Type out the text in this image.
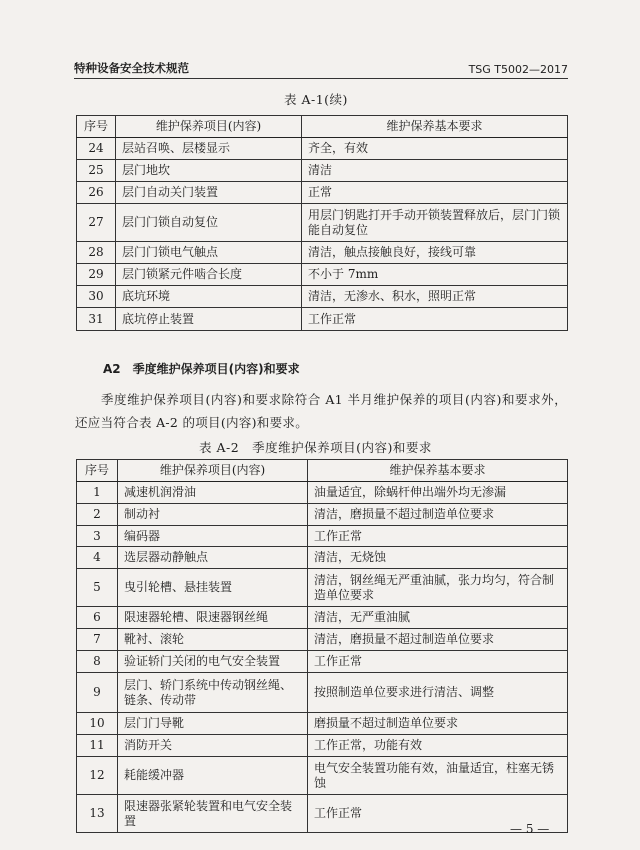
特种设备安全技术规范	TSG T5002—2017
表 A-1(续)
序号	维护保养项目(内容)	维护保养基本要求
24	层站召唤、层楼显示	齐全，有效
25	层门地坎	清洁
26	层门自动关门装置	正常
27	层门门锁自动复位	用层门钥匙打开手动开锁装置释放后，层门门锁能自动复位
28	层门门锁电气触点	清洁，触点接触良好，接线可靠
29	层门锁紧元件啮合长度	不小于 7mm
30	底坑环境	清洁，无渗水、积水，照明正常
31	底坑停止装置	工作正常
A2　季度维护保养项目(内容)和要求
季度维护保养项目(内容)和要求除符合 A1 半月维护保养的项目(内容)和要求外，还应当符合表 A-2 的项目(内容)和要求。
表 A-2　季度维护保养项目(内容)和要求
序号	维护保养项目(内容)	维护保养基本要求
1	减速机润滑油	油量适宜，除蜗杆伸出端外均无渗漏
2	制动衬	清洁，磨损量不超过制造单位要求
3	编码器	工作正常
4	选层器动静触点	清洁，无烧蚀
5	曳引轮槽、悬挂装置	清洁，钢丝绳无严重油腻，张力均匀，符合制造单位要求
6	限速器轮槽、限速器钢丝绳	清洁，无严重油腻
7	靴衬、滚轮	清洁，磨损量不超过制造单位要求
8	验证轿门关闭的电气安全装置	工作正常
9	层门、轿门系统中传动钢丝绳、链条、传动带	按照制造单位要求进行清洁、调整
10	层门门导靴	磨损量不超过制造单位要求
11	消防开关	工作正常，功能有效
12	耗能缓冲器	电气安全装置功能有效，油量适宜，柱塞无锈蚀
13	限速器张紧轮装置和电气安全装置	工作正常
— 5 —
